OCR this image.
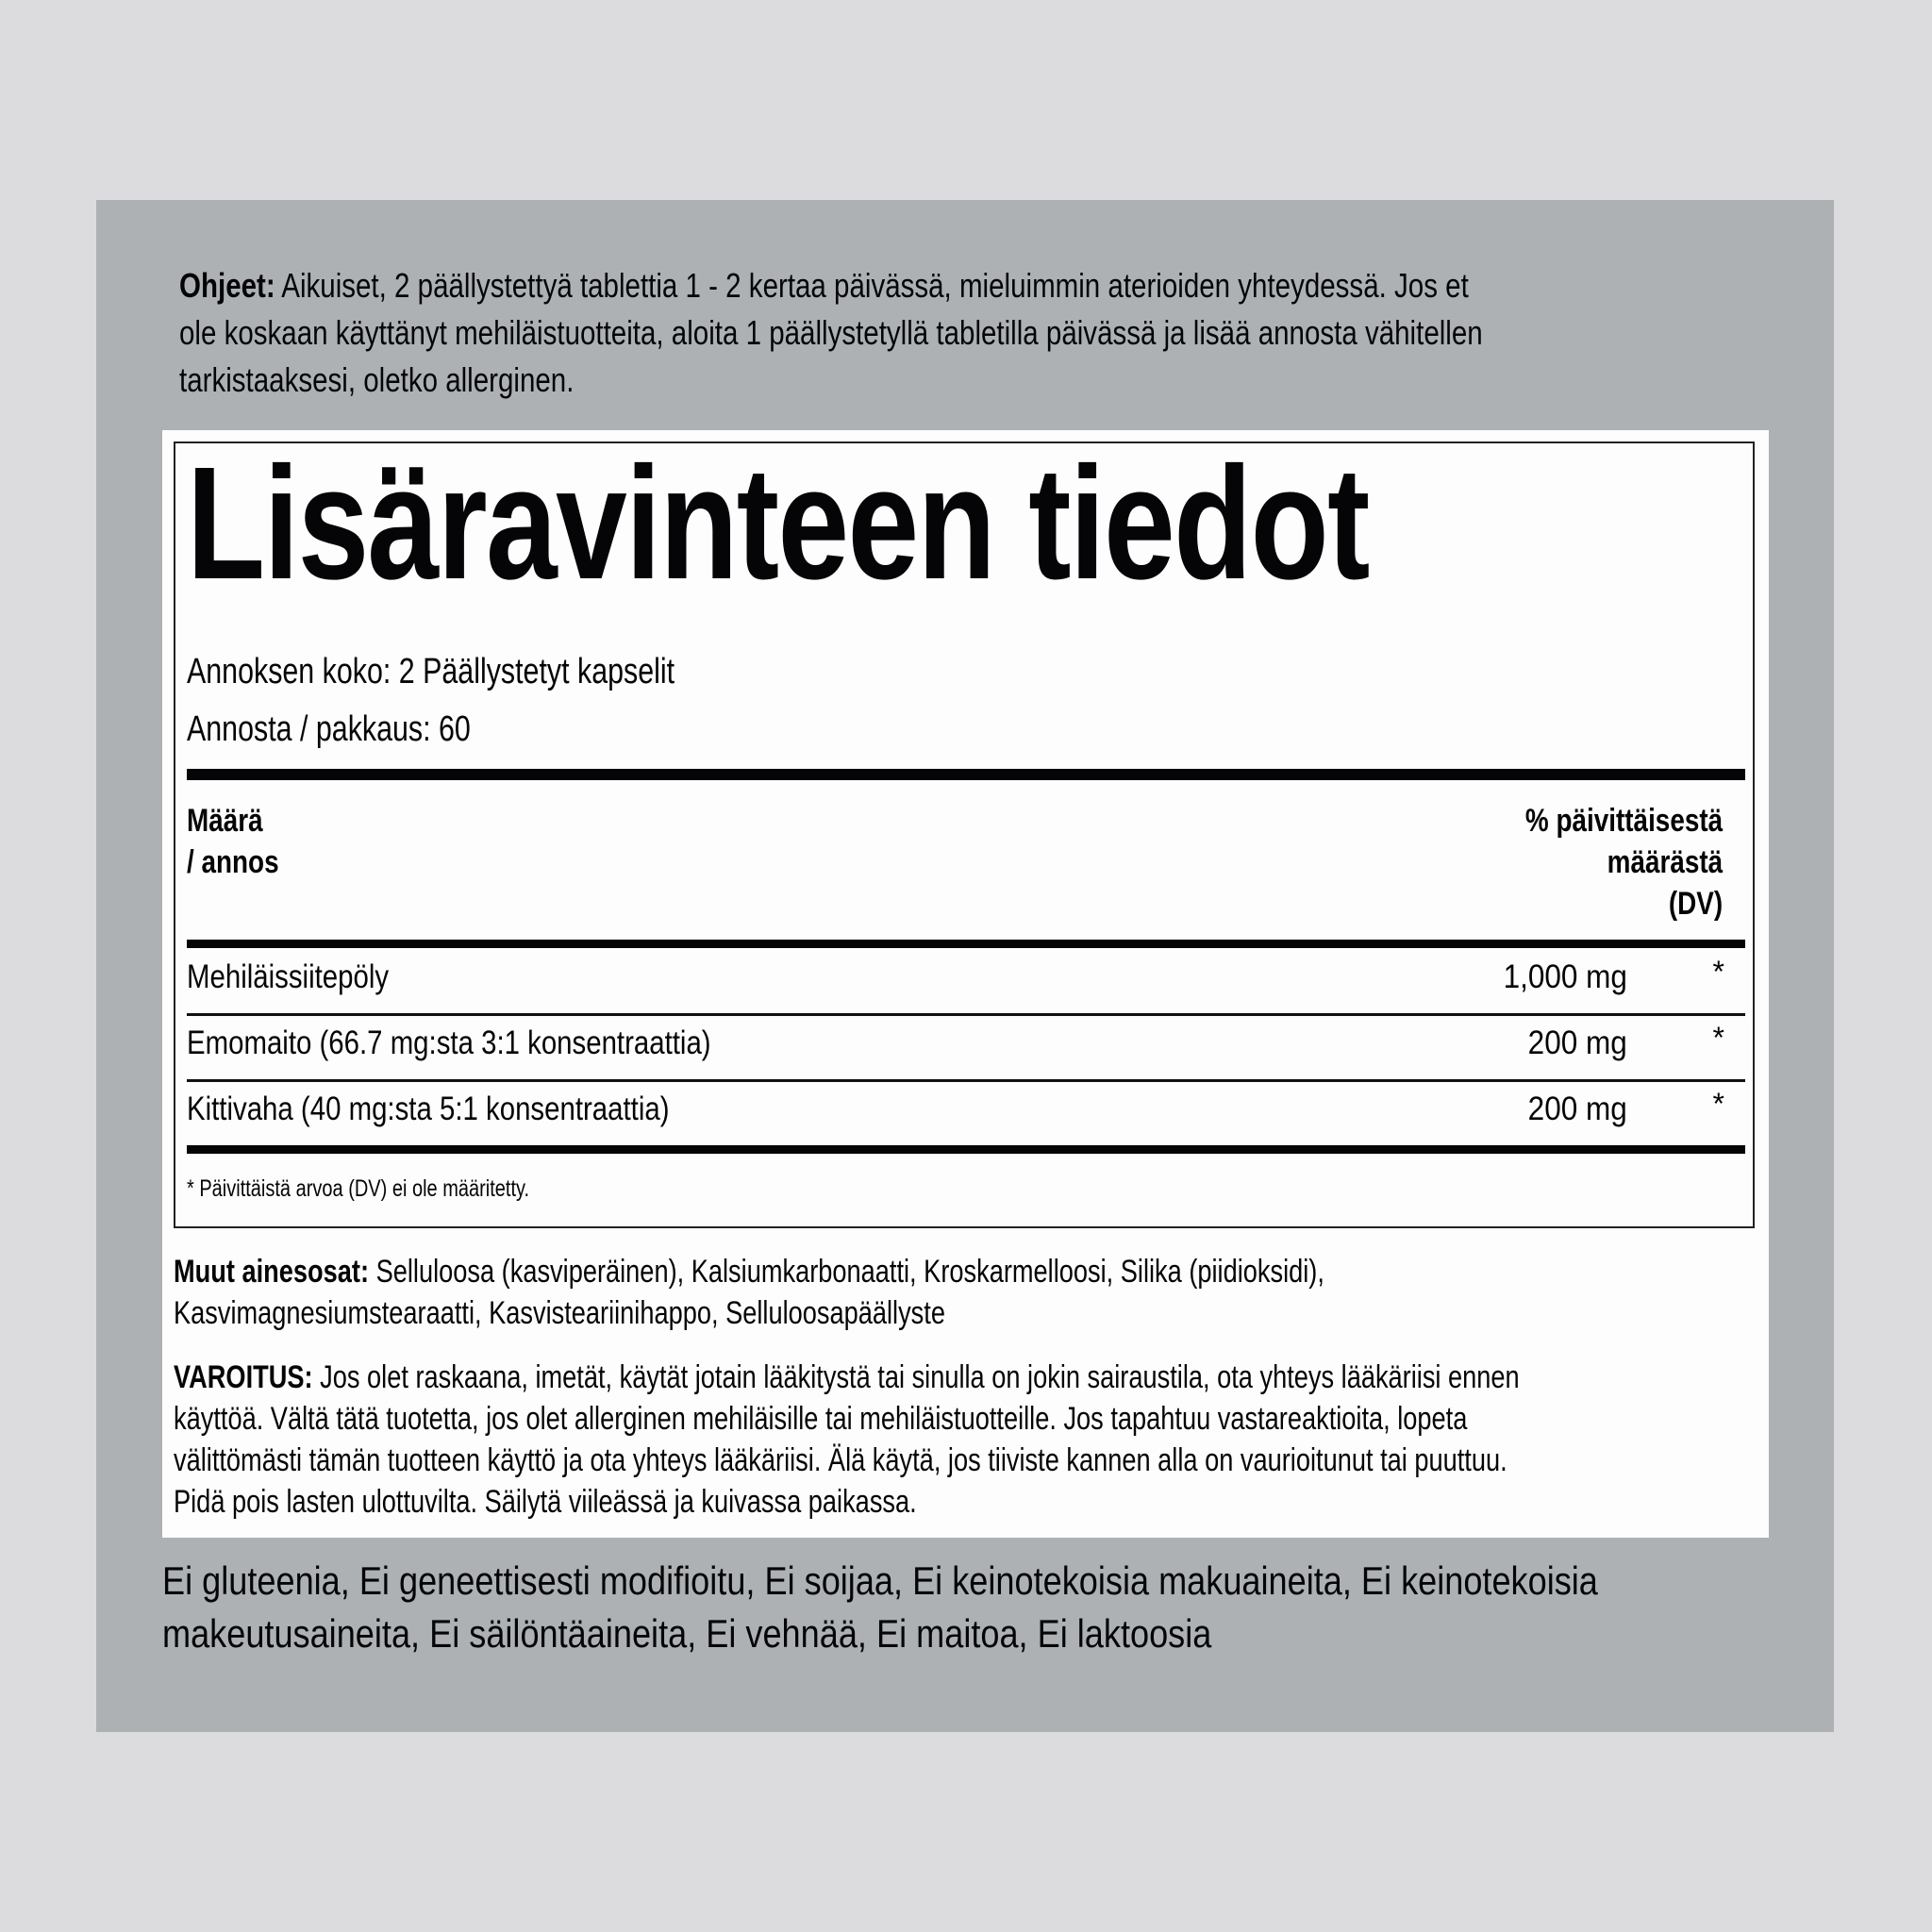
Ohjeet: Aikuiset, 2 päällystettyä tablettia 1 - 2 kertaa päivässä, mieluimmin aterioiden yhteydessä. Jos et
ole koskaan käyttänyt mehiläistuotteita, aloita 1 päällystetyllä tabletilla päivässä ja lisää annosta vähitellen
tarkistaaksesi, oletko allerginen.
Lisäravinteen tiedot
Annoksen koko: 2 Päällystetyt kapselit
Annosta / pakkaus: 60
Määrä
/ annos
% päivittäisestä
määrästä
(DV)
Mehiläissiitepöly	1,000 mg	*
Emomaito (66.7 mg:sta 3:1 konsentraattia)	200 mg	*
Kittivaha (40 mg:sta 5:1 konsentraattia)	200 mg	*
* Päivittäistä arvoa (DV) ei ole määritetty.
Muut ainesosat: Selluloosa (kasviperäinen), Kalsiumkarbonaatti, Kroskarmelloosi, Silika (piidioksidi),
Kasvimagnesiumstearaatti, Kasvisteariinihappo, Selluloosapäällyste
VAROITUS: Jos olet raskaana, imetät, käytät jotain lääkitystä tai sinulla on jokin sairaustila, ota yhteys lääkäriisi ennen
käyttöä. Vältä tätä tuotetta, jos olet allerginen mehiläisille tai mehiläistuotteille. Jos tapahtuu vastareaktioita, lopeta
välittömästi tämän tuotteen käyttö ja ota yhteys lääkäriisi. Älä käytä, jos tiiviste kannen alla on vaurioitunut tai puuttuu.
Pidä pois lasten ulottuvilta. Säilytä viileässä ja kuivassa paikassa.
Ei gluteenia, Ei geneettisesti modifioitu, Ei soijaa, Ei keinotekoisia makuaineita, Ei keinotekoisia
makeutusaineita, Ei säilöntäaineita, Ei vehnää, Ei maitoa, Ei laktoosia
